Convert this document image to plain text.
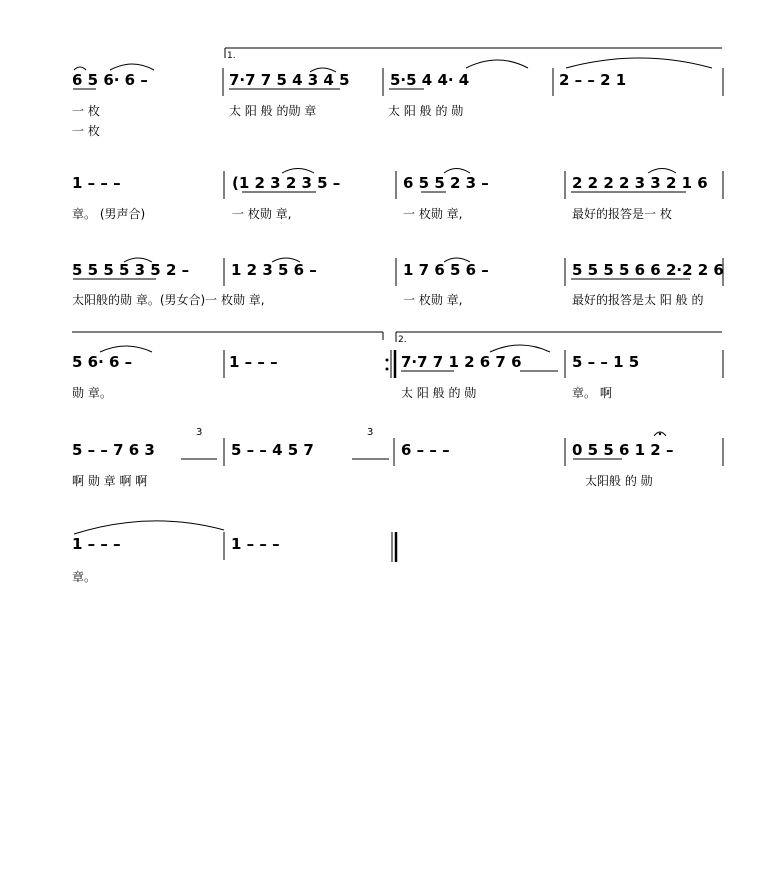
1.
2.
3	3
6 5 6· 6 –	7·7 7 5 4 3 4 5	5·5 4 4· 4	2 – – 2 1
一 枚
一 枚
太 阳 般 的勋 章	太 阳 般 的 勋
1 – – –	(1 2 3 2 3 5 –	6 5 5 2 3 –	2 2 2 2 3 3 2 1 6
章。 (男声合)	一 枚勋 章,	一 枚勋 章,	最好的报答是一 枚
5 5 5 5 3 5 2 –	1 2 3 5 6 –	1 7 6 5 6 –	5 5 5 5 6 6 2·2 2 6
太阳般的勋 章。(男女合)一 枚勋 章,	一 枚勋 章,	最好的报答是太 阳 般 的
5 6· 6 –	1 – – –	7·7 7 1 2 6 7 6	5 – – 1 5
勋 章。	太 阳 般 的 勋	章。 啊
5 – – 7 6 3	5 – – 4 5 7	6 – – –	0 5 5 6 1 2 –
啊 勋 章 啊 啊	太阳般 的 勋
1 – – –	1 – – –
章。
